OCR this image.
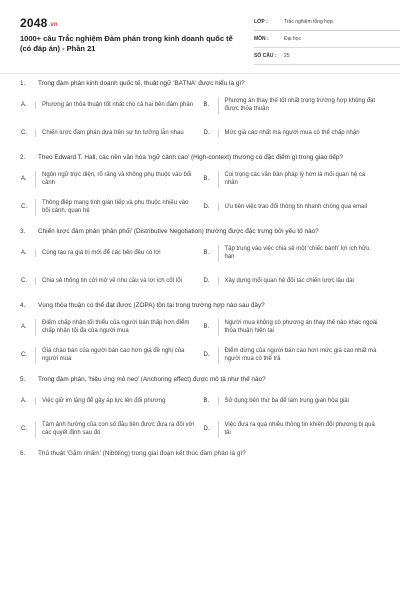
2048.vn
1000+ câu Trắc nghiệm Đàm phán trong kinh doanh quốc tế (có đáp án) - Phần 21
LỚP :	Trắc nghiệm tổng hợp
MÔN :	Đại học
SỐ CÂU :	25
1.	Trong đàm phán kinh doanh quốc tế, thuật ngữ 'BATNA' được hiểu là gì?
A.	Phương án thỏa thuận tốt nhất cho cả hai bên đàm phán	B.
Phương án thay thế tốt nhất trong trường hợp không đạt được thỏa thuận
C.	Chiến lược đàm phán dựa trên sự tin tưởng lẫn nhau	D.	Mức giá cao nhất mà người mua có thể chấp nhận
2.	Theo Edward T. Hall, các nền văn hóa 'ngữ cảnh cao' (High-context) thường có đặc điểm gì trong giao tiếp?
A.
Ngôn ngữ trực diện, rõ ràng và không phụ thuộc vào bối cảnh
B.
Coi trọng các văn bản pháp lý hơn là mối quan hệ cá nhân
C.
Thông điệp mang tính gián tiếp và phụ thuộc nhiều vào bối cảnh, quan hệ
D.	Ưu tiên việc trao đổi thông tin nhanh chóng qua email
3.	Chiến lược đàm phán 'phân phối' (Distributive Negotiation) thường được đặc trưng bởi yếu tố nào?
A.	Cùng tạo ra giá trị mới để các bên đều có lợi	B.
Tập trung vào việc chia sẻ một 'chiếc bánh' lợi ích hữu hạn
C.	Chia sẻ thông tin cởi mở về nhu cầu và lợi ích cốt lõi	D.	Xây dựng mối quan hệ đối tác chiến lược lâu dài
4.	Vùng thỏa thuận có thể đạt được (ZOPA) tồn tại trong trường hợp nào sau đây?
A.
Điểm chấp nhận tối thiểu của người bán thấp hơn điểm chấp nhận tối đa của người mua
B.
Người mua không có phương án thay thế nào khác ngoài thỏa thuận hiện tại
C.
Giá chào bán của người bán cao hơn giá đề nghị của người mua
D.
Điểm dừng của người bán cao hơn mức giá cao nhất mà người mua có thể trả
5.	Trong đàm phán, 'hiệu ứng mỏ neo' (Anchoring effect) được mô tả như thế nào?
A.	Việc giữ im lặng để gây áp lực lên đối phương	B.	Sử dụng bên thứ ba để làm trung gian hòa giải
C.
Tâm ảnh hưởng của con số đầu tiên được đưa ra đối với các quyết định sau đó
D.
Việc đưa ra quá nhiều thông tin khiến đối phương bị quá tải
6.	Thủ thuật 'Gặm nhấm' (Nibbling) trong giai đoạn kết thúc đàm phán là gì?
